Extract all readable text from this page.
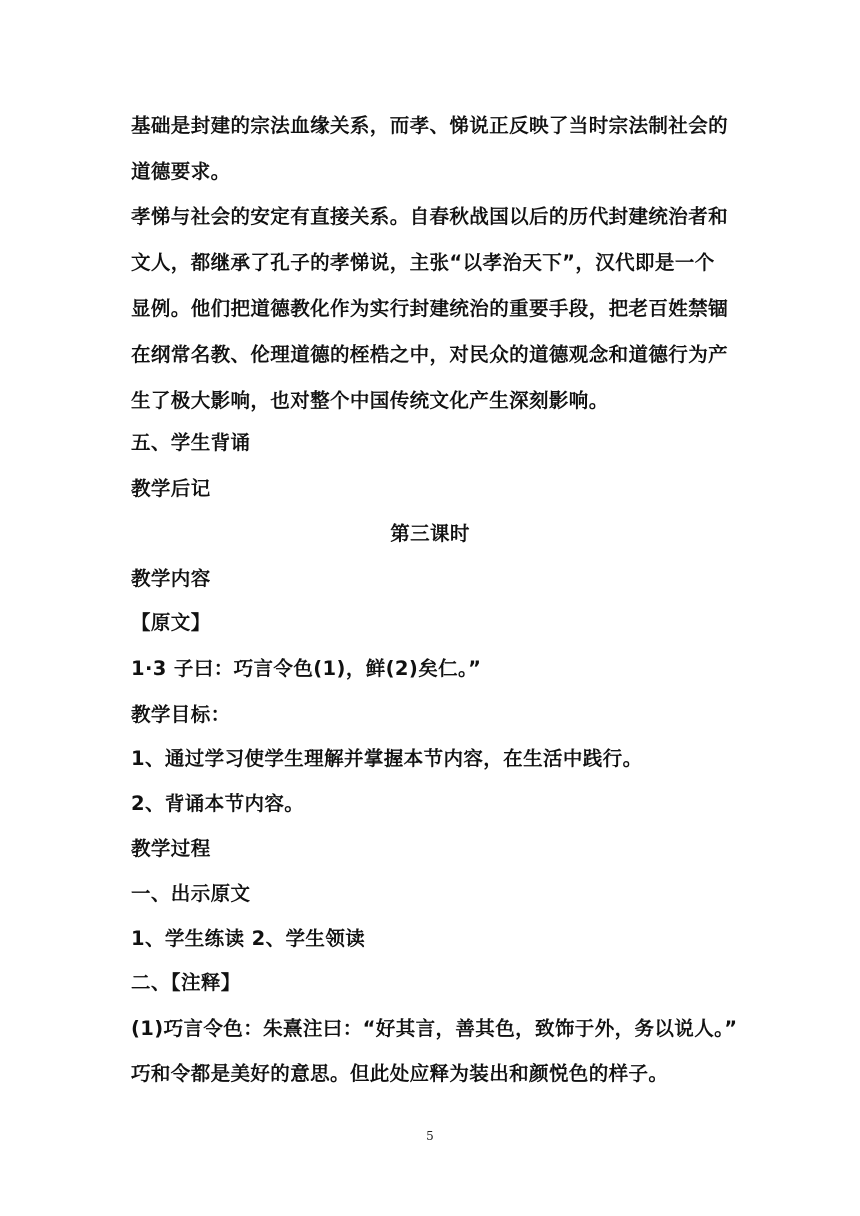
基础是封建的宗法血缘关系，而孝、悌说正反映了当时宗法制社会的
道德要求。
孝悌与社会的安定有直接关系。自春秋战国以后的历代封建统治者和
文人，都继承了孔子的孝悌说，主张“以孝治天下”，汉代即是一个
显例。他们把道德教化作为实行封建统治的重要手段，把老百姓禁锢
在纲常名教、伦理道德的桎梏之中，对民众的道德观念和道德行为产
生了极大影响，也对整个中国传统文化产生深刻影响。
五、学生背诵
教学后记
第三课时
教学内容
【原文】
1·3 子曰：巧言令色(1)，鲜(2)矣仁。”
教学目标：
1、通过学习使学生理解并掌握本节内容，在生活中践行。
2、背诵本节内容。
教学过程
一、出示原文
1、学生练读 2、学生领读
二、【注释】
(1)巧言令色：朱熹注曰：“好其言，善其色，致饰于外，务以说人。”
巧和令都是美好的意思。但此处应释为装出和颜悦色的样子。
5
